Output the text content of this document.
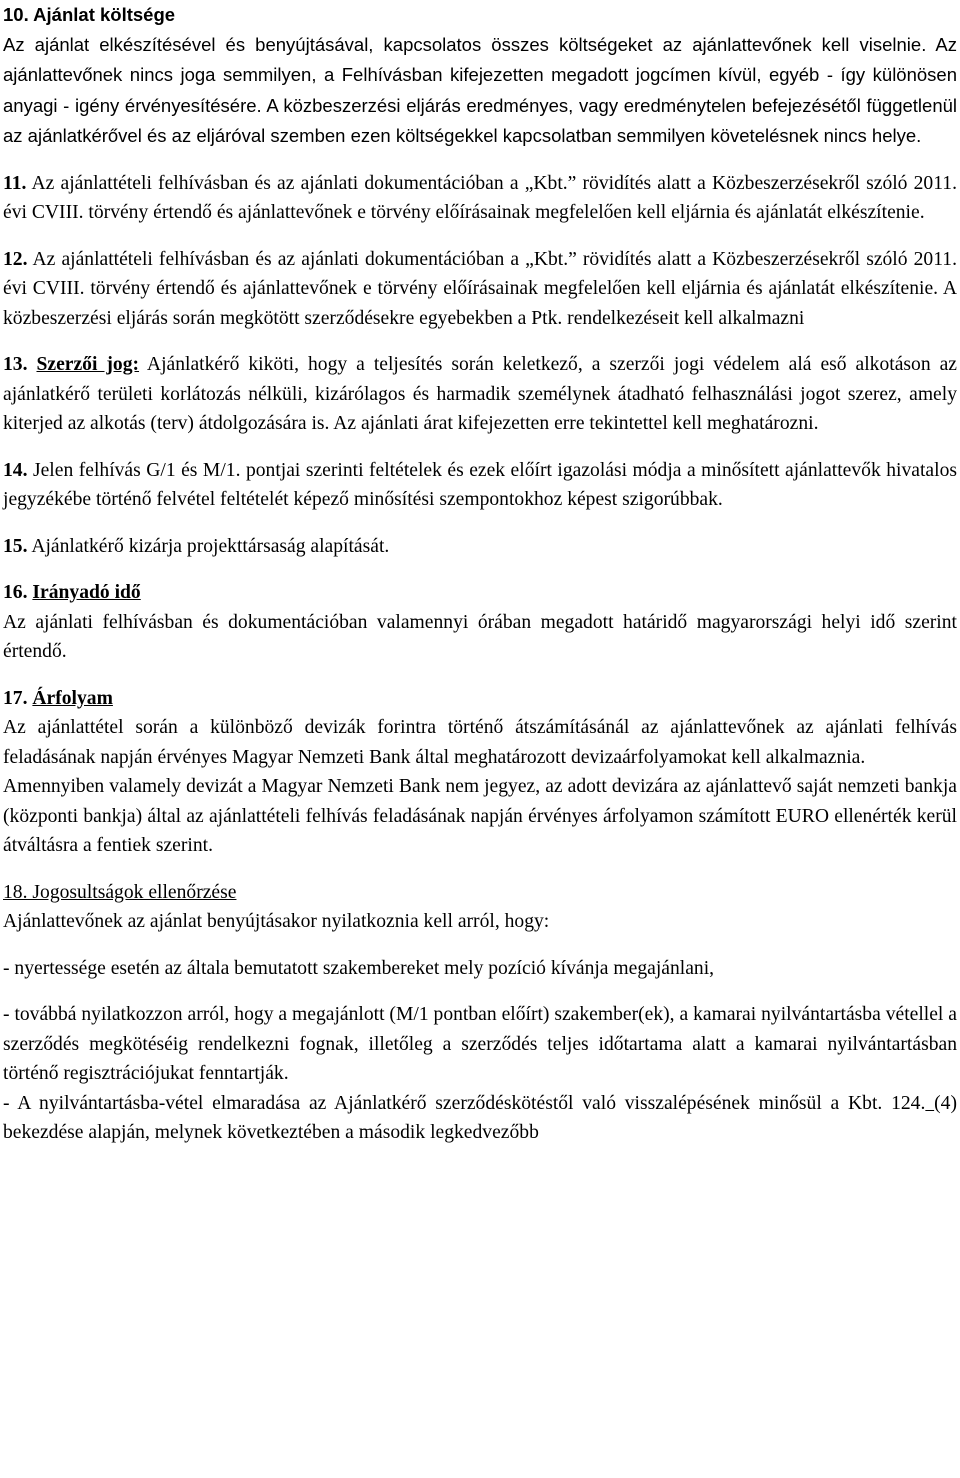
10. Ajánlat költsége

Az ajánlat elkészítésével és benyújtásával, kapcsolatos összes költségeket az ajánlattevőnek kell viselnie. Az ajánlattevőnek nincs joga semmilyen, a Felhívásban kifejezetten megadott jogcímen kívül, egyéb - így különösen anyagi - igény érvényesítésére. A közbeszerzési eljárás eredményes, vagy eredménytelen befejezésétől függetlenül az ajánlatkérővel és az eljáróval szemben ezen költségekkel kapcsolatban semmilyen követelésnek nincs helye.

11. Az ajánlattételi felhívásban és az ajánlati dokumentációban a „Kbt.” rövidítés alatt a Közbeszerzésekről szóló 2011. évi CVIII. törvény értendő és ajánlattevőnek e törvény előírásainak megfelelően kell eljárnia és ajánlatát elkészítenie.

12. Az ajánlattételi felhívásban és az ajánlati dokumentációban a „Kbt.” rövidítés alatt a Közbeszerzésekről szóló 2011. évi CVIII. törvény értendő és ajánlattevőnek e törvény előírásainak megfelelően kell eljárnia és ajánlatát elkészítenie. A közbeszerzési eljárás során megkötött szerződésekre egyebekben a Ptk. rendelkezéseit kell alkalmazni

13. Szerzői jog: Ajánlatkérő kiköti, hogy a teljesítés során keletkező, a szerzői jogi védelem alá eső alkotáson az ajánlatkérő területi korlátozás nélküli, kizárólagos és harmadik személynek átadható felhasználási jogot szerez, amely kiterjed az alkotás (terv) átdolgozására is. Az ajánlati árat kifejezetten erre tekintettel kell meghatározni.

14. Jelen felhívás G/1 és M/1. pontjai szerinti feltételek és ezek előírt igazolási módja a minősített ajánlattevők hivatalos jegyzékébe történő felvétel feltételét képező minősítési szempontokhoz képest szigorúbbak.

15. Ajánlatkérő kizárja projekttársaság alapítását.

16. Irányadó idő

Az ajánlati felhívásban és dokumentációban valamennyi órában megadott határidő magyarországi helyi idő szerint értendő.

17. Árfolyam

Az ajánlattétel során a különböző devizák forintra történő átszámításánál az ajánlattevőnek az ajánlati felhívás feladásának napján érvényes Magyar Nemzeti Bank által meghatározott devizaárfolyamokat kell alkalmaznia.

Amennyiben valamely devizát a Magyar Nemzeti Bank nem jegyez, az adott devizára az ajánlattevő saját nemzeti bankja (központi bankja) által az ajánlattételi felhívás feladásának napján érvényes árfolyamon számított EURO ellenérték kerül átváltásra a fentiek szerint.

18. Jogosultságok ellenőrzése

Ajánlattevőnek az ajánlat benyújtásakor nyilatkoznia kell arról, hogy:

- nyertessége esetén az általa bemutatott szakembereket mely pozíció kívánja megajánlani,

- továbbá nyilatkozzon arról, hogy a megajánlott (M/1 pontban előírt) szakember(ek), a kamarai nyilvántartásba vétellel a szerződés megkötéséig rendelkezni fognak, illetőleg a szerződés teljes időtartama alatt a kamarai nyilvántartásban történő regisztrációjukat fenntartják.

- A nyilvántartásba-vétel elmaradása az Ajánlatkérő szerződéskötéstől való visszalépésének minősül a Kbt. 124. (4) bekezdése alapján, melynek következtében a második legkedvezőbb
